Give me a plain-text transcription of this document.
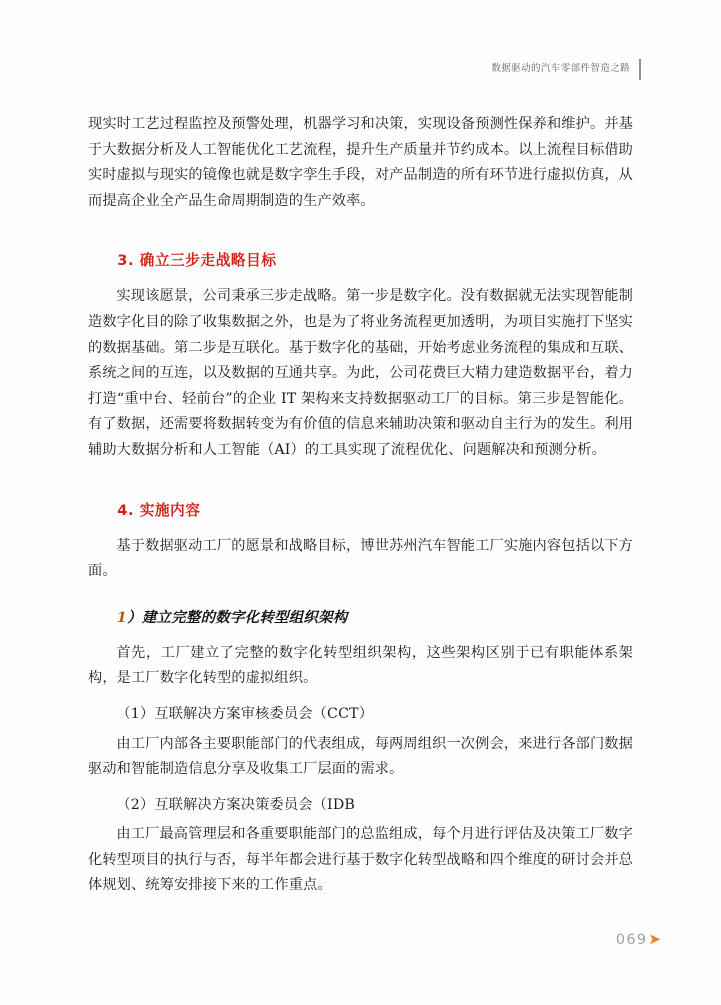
数据驱动的汽车零部件智造之路

现实时工艺过程监控及预警处理，机器学习和决策，实现设备预测性保养和维护。并基于大数据分析及人工智能优化工艺流程，提升生产质量并节约成本。以上流程目标借助实时虚拟与现实的镜像也就是数字孪生手段，对产品制造的所有环节进行虚拟仿真，从而提高企业全产品生命周期制造的生产效率。

3. 确立三步走战略目标

实现该愿景，公司秉承三步走战略。第一步是数字化。没有数据就无法实现智能制造数字化目的除了收集数据之外，也是为了将业务流程更加透明，为项目实施打下坚实的数据基础。第二步是互联化。基于数字化的基础，开始考虑业务流程的集成和互联、系统之间的互连，以及数据的互通共享。为此，公司花费巨大精力建造数据平台，着力打造“重中台、轻前台”的企业 IT 架构来支持数据驱动工厂的目标。第三步是智能化。有了数据，还需要将数据转变为有价值的信息来辅助决策和驱动自主行为的发生。利用辅助大数据分析和人工智能（AI）的工具实现了流程优化、问题解决和预测分析。

4. 实施内容

基于数据驱动工厂的愿景和战略目标，博世苏州汽车智能工厂实施内容包括以下方面。

1）建立完整的数字化转型组织架构

首先，工厂建立了完整的数字化转型组织架构，这些架构区别于已有职能体系架构，是工厂数字化转型的虚拟组织。

（1）互联解决方案审核委员会（CCT）

由工厂内部各主要职能部门的代表组成，每两周组织一次例会，来进行各部门数据驱动和智能制造信息分享及收集工厂层面的需求。

（2）互联解决方案决策委员会（IDB

由工厂最高管理层和各重要职能部门的总监组成，每个月进行评估及决策工厂数字化转型项目的执行与否，每半年都会进行基于数字化转型战略和四个维度的研讨会并总体规划、统筹安排接下来的工作重点。

069 ➤
